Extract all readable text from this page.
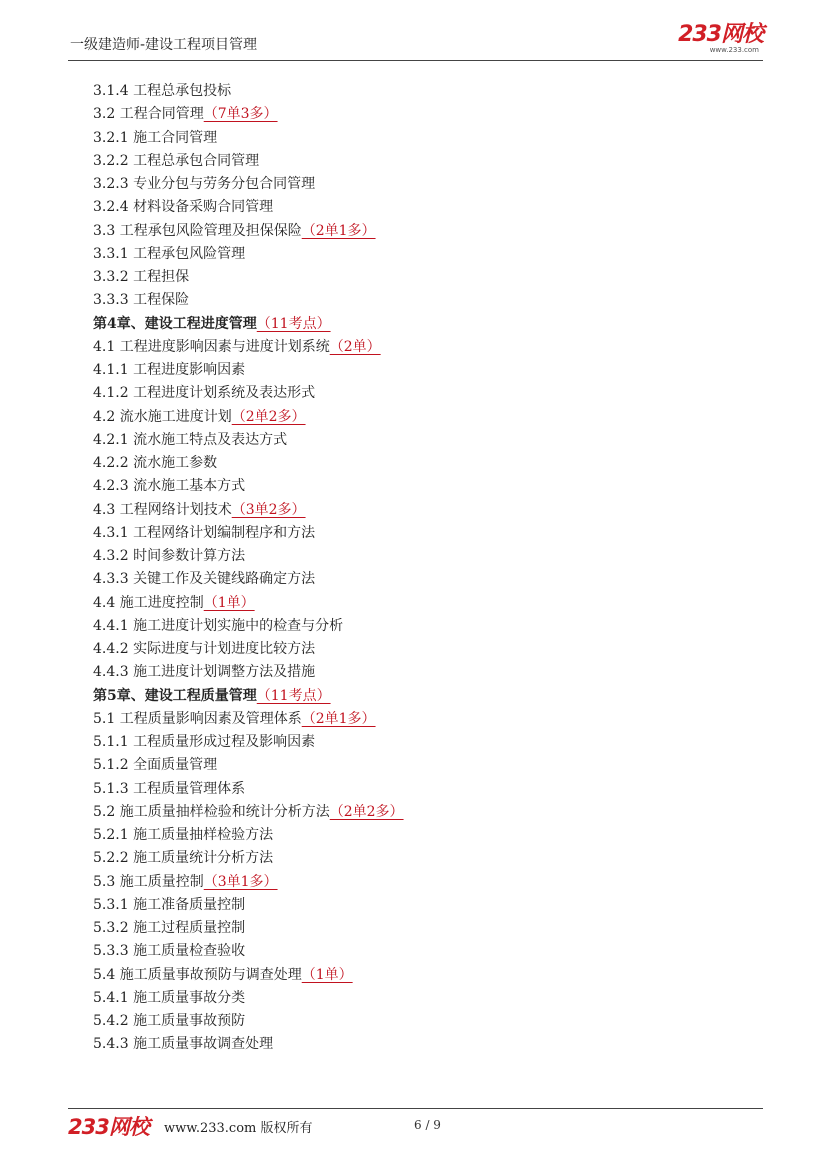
一级建造师-建设工程项目管理	233网校
www.233.com
3.1.4 工程总承包投标
3.2 工程合同管理（7单3多）
3.2.1 施工合同管理
3.2.2 工程总承包合同管理
3.2.3 专业分包与劳务分包合同管理
3.2.4 材料设备采购合同管理
3.3 工程承包风险管理及担保保险（2单1多）
3.3.1 工程承包风险管理
3.3.2 工程担保
3.3.3 工程保险
第4章、建设工程进度管理（11考点）
4.1 工程进度影响因素与进度计划系统（2单）
4.1.1 工程进度影响因素
4.1.2 工程进度计划系统及表达形式
4.2 流水施工进度计划（2单2多）
4.2.1 流水施工特点及表达方式
4.2.2 流水施工参数
4.2.3 流水施工基本方式
4.3 工程网络计划技术（3单2多）
4.3.1 工程网络计划编制程序和方法
4.3.2 时间参数计算方法
4.3.3 关键工作及关键线路确定方法
4.4 施工进度控制（1单）
4.4.1 施工进度计划实施中的检查与分析
4.4.2 实际进度与计划进度比较方法
4.4.3 施工进度计划调整方法及措施
第5章、建设工程质量管理（11考点）
5.1 工程质量影响因素及管理体系（2单1多）
5.1.1 工程质量形成过程及影响因素
5.1.2 全面质量管理
5.1.3 工程质量管理体系
5.2 施工质量抽样检验和统计分析方法（2单2多）
5.2.1 施工质量抽样检验方法
5.2.2 施工质量统计分析方法
5.3 施工质量控制（3单1多）
5.3.1 施工准备质量控制
5.3.2 施工过程质量控制
5.3.3 施工质量检查验收
5.4 施工质量事故预防与调查处理（1单）
5.4.1 施工质量事故分类
5.4.2 施工质量事故预防
5.4.3 施工质量事故调查处理
233网校 www.233.com 版权所有	6 / 9
